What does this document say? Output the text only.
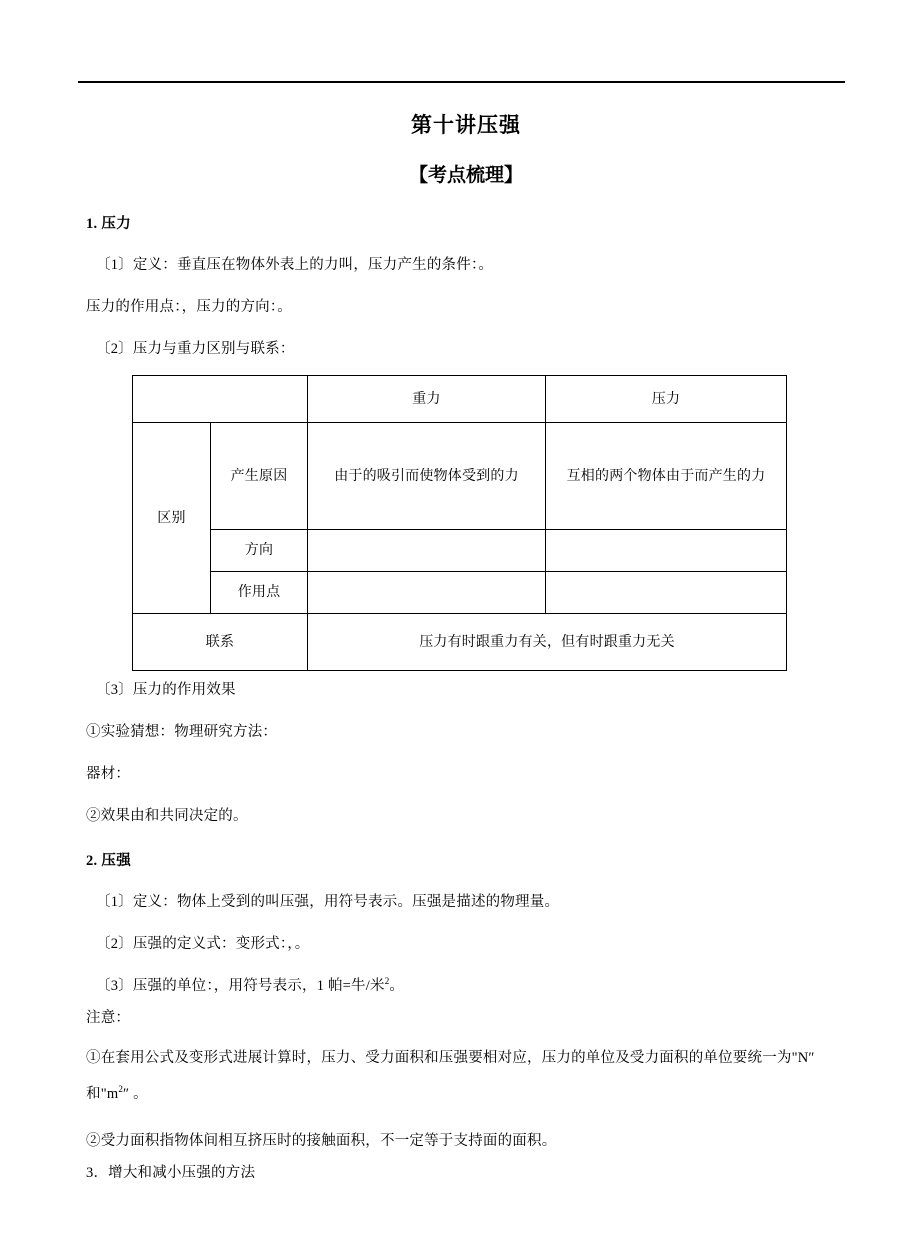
第十讲压强
【考点梳理】

1. 压力

〔1〕定义：垂直压在物体外表上的力叫，压力产生的条件：。

压力的作用点：，压力的方向：。

〔2〕压力与重力区别与联系：

		重力	压力
区别	产生原因	由于的吸引而使物体受到的力	互相的两个物体由于而产生的力
	方向		
	作用点		
联系		压力有时跟重力有关，但有时跟重力无关	

〔3〕压力的作用效果

①实验猜想：物理研究方法：

器材：

②效果由和共同决定的。

2. 压强

〔1〕定义：物体上受到的叫压强，用符号表示。压强是描述的物理量。

〔2〕压强的定义式：变形式：，。

〔3〕压强的单位：，用符号表示，1 帕=牛/米$^2$。

注意：

①在套用公式及变形式进展计算时，压力、受力面积和压强要相对应，压力的单位及受力面积的单位要统一为"N″ 和"$m^2''$ 。

②受力面积指物体间相互挤压时的接触面积，不一定等于支持面的面积。

3．增大和减小压强的方法
